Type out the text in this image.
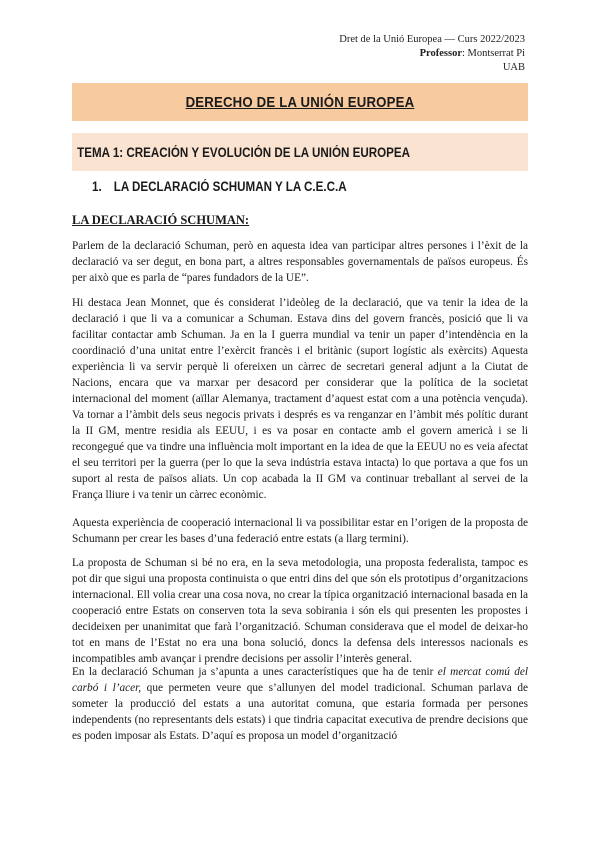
Dret de la Unió Europea — Curs 2022/2023
Professor: Montserrat Pi
UAB
DERECHO DE LA UNIÓN EUROPEA
TEMA 1: CREACIÓN Y EVOLUCIÓN DE LA UNIÓN EUROPEA
1. LA DECLARACIÓ SCHUMAN Y LA C.E.C.A
LA DECLARACIÓ SCHUMAN:

Parlem de la declaració Schuman, però en aquesta idea van participar altres persones i l’èxit de la declaració va ser degut, en bona part, a altres responsables governamentals de països europeus. És per això que es parla de “pares fundadors de la UE”.

Hi destaca Jean Monnet, que és considerat l’ideòleg de la declaració, que va tenir la idea de la declaració i que li va a comunicar a Schuman. Estava dins del govern francès, posició que li va facilitar contactar amb Schuman. Ja en la I guerra mundial va tenir un paper d’intendència en la coordinació d’una unitat entre l’exèrcit francès i el britànic (suport logístic als exèrcits) Aquesta experiència li va servir perquè li ofereixen un càrrec de secretari general adjunt a la Ciutat de Nacions, encara que va marxar per desacord per considerar que la política de la societat internacional del moment (aïllar Alemanya, tractament d’aquest estat com a una potència vençuda). Va tornar a l’àmbit dels seus negocis privats i després es va renganzar en l’àmbit més polític durant la II GM, mentre residia als EEUU, i es va posar en contacte amb el govern americà i se li recongegué que va tindre una influència molt important en la idea de que la EEUU no es veia afectat el seu territori per la guerra (per lo que la seva indústria estava intacta) lo que portava a que fos un suport al resta de països aliats. Un cop acabada la II GM va continuar treballant al servei de la França lliure i va tenir un càrrec econòmic.

Aquesta experiència de cooperació internacional li va possibilitar estar en l’origen de la proposta de Schumann per crear les bases d’una federació entre estats (a llarg termini).

La proposta de Schuman si bé no era, en la seva metodologia, una proposta federalista, tampoc es pot dir que sigui una proposta continuista o que entri dins del que són els prototipus d’organitzacions internacional. Ell volia crear una cosa nova, no crear la típica organització internacional basada en la cooperació entre Estats on conserven tota la seva sobirania i són els qui presenten les propostes i decideixen per unanimitat que farà l’organització. Schuman considerava que el model de deixar-ho tot en mans de l’Estat no era una bona solució, doncs la defensa dels interessos nacionals es incompatibles amb avançar i prendre decisions per assolir l’interès general.

En la declaració Schuman ja s’apunta a unes característiques que ha de tenir el mercat comú del carbó i l’acer, que permeten veure que s’allunyen del model tradicional. Schuman parlava de someter la producció del estats a una autoritat comuna, que estaria formada per persones independents (no representants dels estats) i que tindria capacitat executiva de prendre decisions que es poden imposar als Estats. D’aquí es proposa un model d’organització
